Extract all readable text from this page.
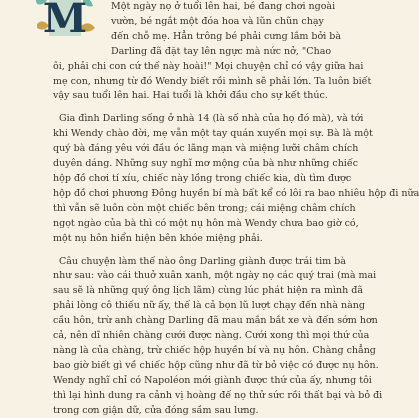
M	Một ngày nọ ở tuổi lên hai, bé đang chơi ngoài
vườn, bé ngắt một đóa hoa và lũn chũn chạy
đến chỗ mẹ. Hẳn trông bé phải cưng lắm bởi bà
Darling đã đặt tay lên ngực mà nức nở, "Chao
ôi, phải chi con cứ thế này hoài!" Mọi chuyện chỉ có vậy giữa hai
mẹ con, nhưng từ đó Wendy biết rồi mình sẽ phải lớn. Ta luôn biết
vậy sau tuổi lên hai. Hai tuổi là khởi đầu cho sự kết thúc.
Gia đình Darling sống ở nhà 14 (là số nhà của họ đó mà), và tới
khi Wendy chào đời, mẹ vẫn một tay quán xuyến mọi sự. Bà là một
quý bà đáng yêu với đầu óc lãng mạn và miệng lưỡi châm chích
duyên dáng. Những suy nghĩ mơ mộng của bà như những chiếc
hộp đồ chơi tí xíu, chiếc này lồng trong chiếc kia, dù tìm được
hộp đồ chơi phương Đông huyền bí mà bất kể có lôi ra bao nhiêu hộp đi nữa
thì vẫn sẽ luôn còn một chiếc bên trong; cái miệng châm chích
ngọt ngào của bà thì có một nụ hôn mà Wendy chưa bao giờ có,
một nụ hôn hiển hiện bên khóe miệng phải.
Câu chuyện làm thế nào ông Darling giành được trái tim bà
như sau: vào cái thuở xuân xanh, một ngày nọ các quý trai (mà mai
sau sẽ là những quý ông lịch lãm) cùng lúc phát hiện ra mình đã
phải lòng cô thiếu nữ ấy, thế là cả bọn lũ lượt chạy đến nhà nàng
cầu hôn, trừ anh chàng Darling đã mau mắn bắt xe và đến sớm hơn
cả, nên dĩ nhiên chàng cưới được nàng. Cưới xong thì mọi thứ của
nàng là của chàng, trừ chiếc hộp huyền bí và nụ hôn. Chàng chẳng
bao giờ biết gì về chiếc hộp cũng như đã từ bỏ việc có được nụ hôn.
Wendy nghĩ chỉ có Napoléon mới giành được thứ của ấy, nhưng tôi
thì lại hình dung ra cảnh vị hoàng đế nọ thử sức rồi thất bại và bỏ đi
trong cơn giận dữ, cửa đóng sầm sau lưng.
